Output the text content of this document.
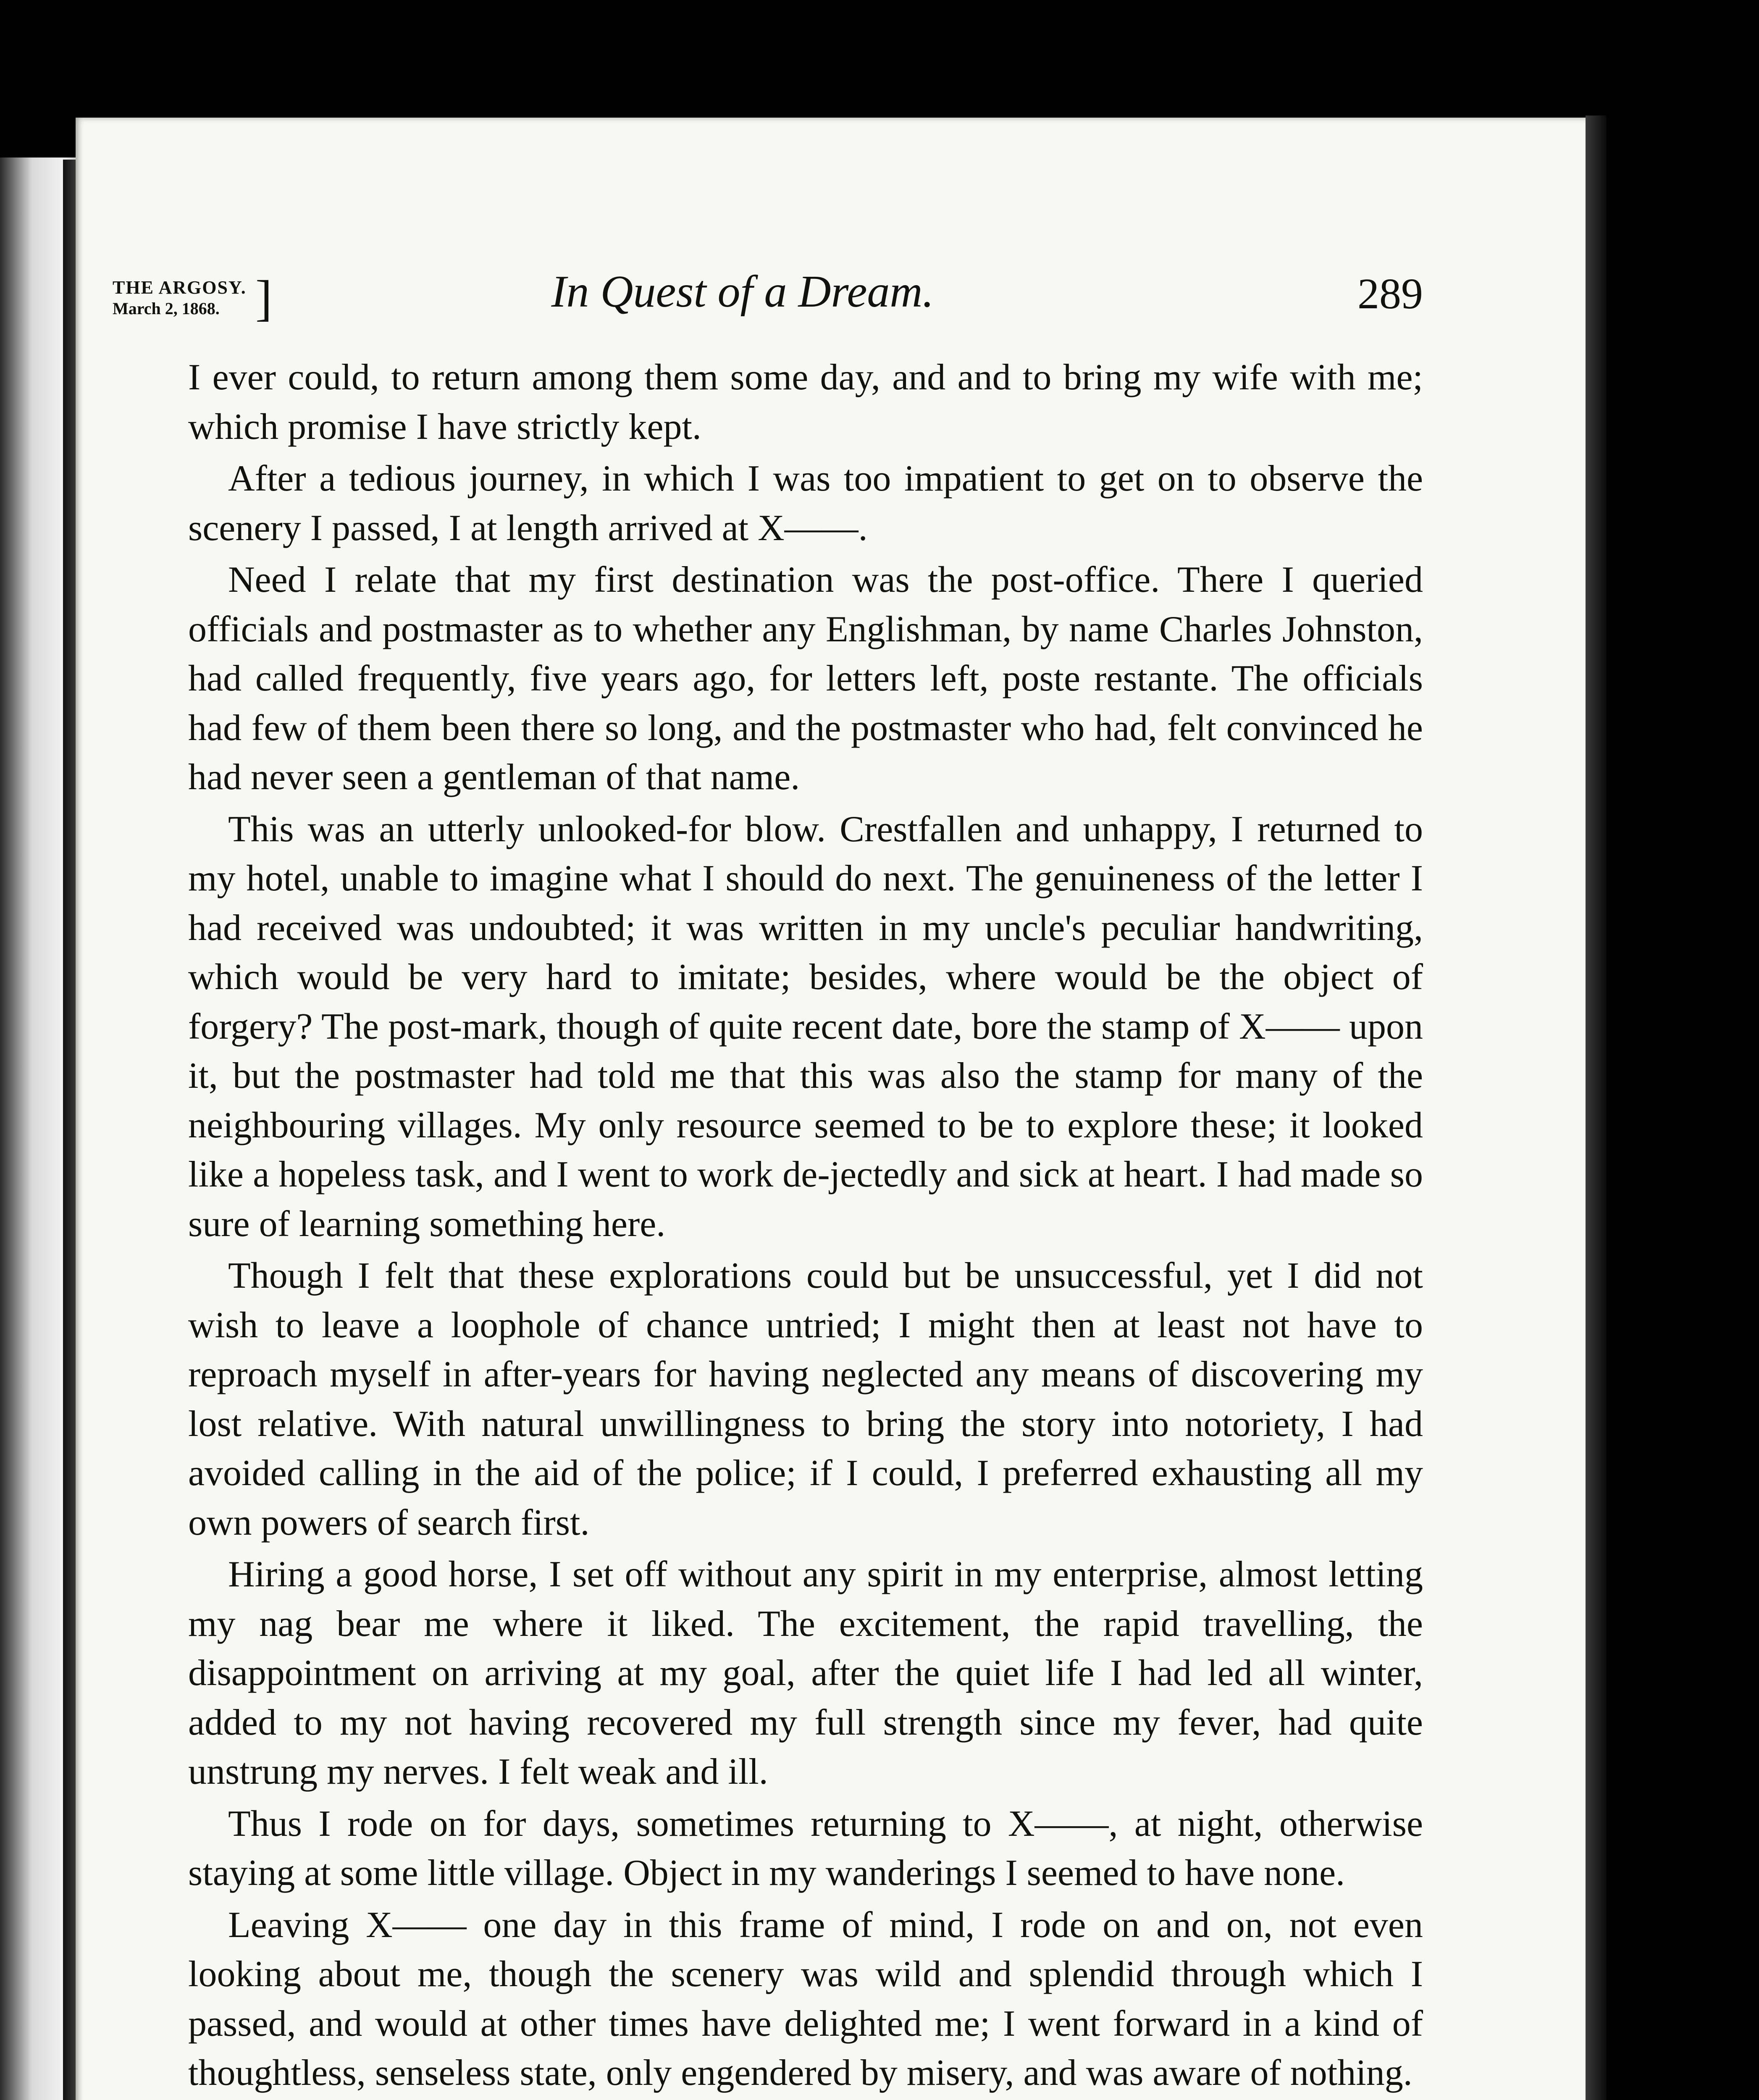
THE ARGOSY.
March 2, 1868. ]	In Quest of a Dream.	289

I ever could, to return among them some day, and and to bring my wife with me; which promise I have strictly kept.

After a tedious journey, in which I was too impatient to get on to observe the scenery I passed, I at length arrived at X——.

Need I relate that my first destination was the post-office. There I queried officials and postmaster as to whether any Englishman, by name Charles Johnston, had called frequently, five years ago, for letters left, poste restante. The officials had few of them been there so long, and the postmaster who had, felt convinced he had never seen a gentleman of that name.

This was an utterly unlooked-for blow. Crestfallen and unhappy, I returned to my hotel, unable to imagine what I should do next. The genuineness of the letter I had received was undoubted; it was written in my uncle's peculiar handwriting, which would be very hard to imitate; besides, where would be the object of forgery? The post-mark, though of quite recent date, bore the stamp of X—— upon it, but the postmaster had told me that this was also the stamp for many of the neighbouring villages. My only resource seemed to be to explore these; it looked like a hopeless task, and I went to work de-jectedly and sick at heart. I had made so sure of learning something here.

Though I felt that these explorations could but be unsuccessful, yet I did not wish to leave a loophole of chance untried; I might then at least not have to reproach myself in after-years for having neglected any means of discovering my lost relative. With natural unwillingness to bring the story into notoriety, I had avoided calling in the aid of the police; if I could, I preferred exhausting all my own powers of search first.

Hiring a good horse, I set off without any spirit in my enterprise, almost letting my nag bear me where it liked. The excitement, the rapid travelling, the disappointment on arriving at my goal, after the quiet life I had led all winter, added to my not having recovered my full strength since my fever, had quite unstrung my nerves. I felt weak and ill.

Thus I rode on for days, sometimes returning to X——, at night, otherwise staying at some little village. Object in my wanderings I seemed to have none.

Leaving X—— one day in this frame of mind, I rode on and on, not even looking about me, though the scenery was wild and splendid through which I passed, and would at other times have delighted me; I went forward in a kind of thoughtless, senseless state, only engendered by misery, and was aware of nothing.
